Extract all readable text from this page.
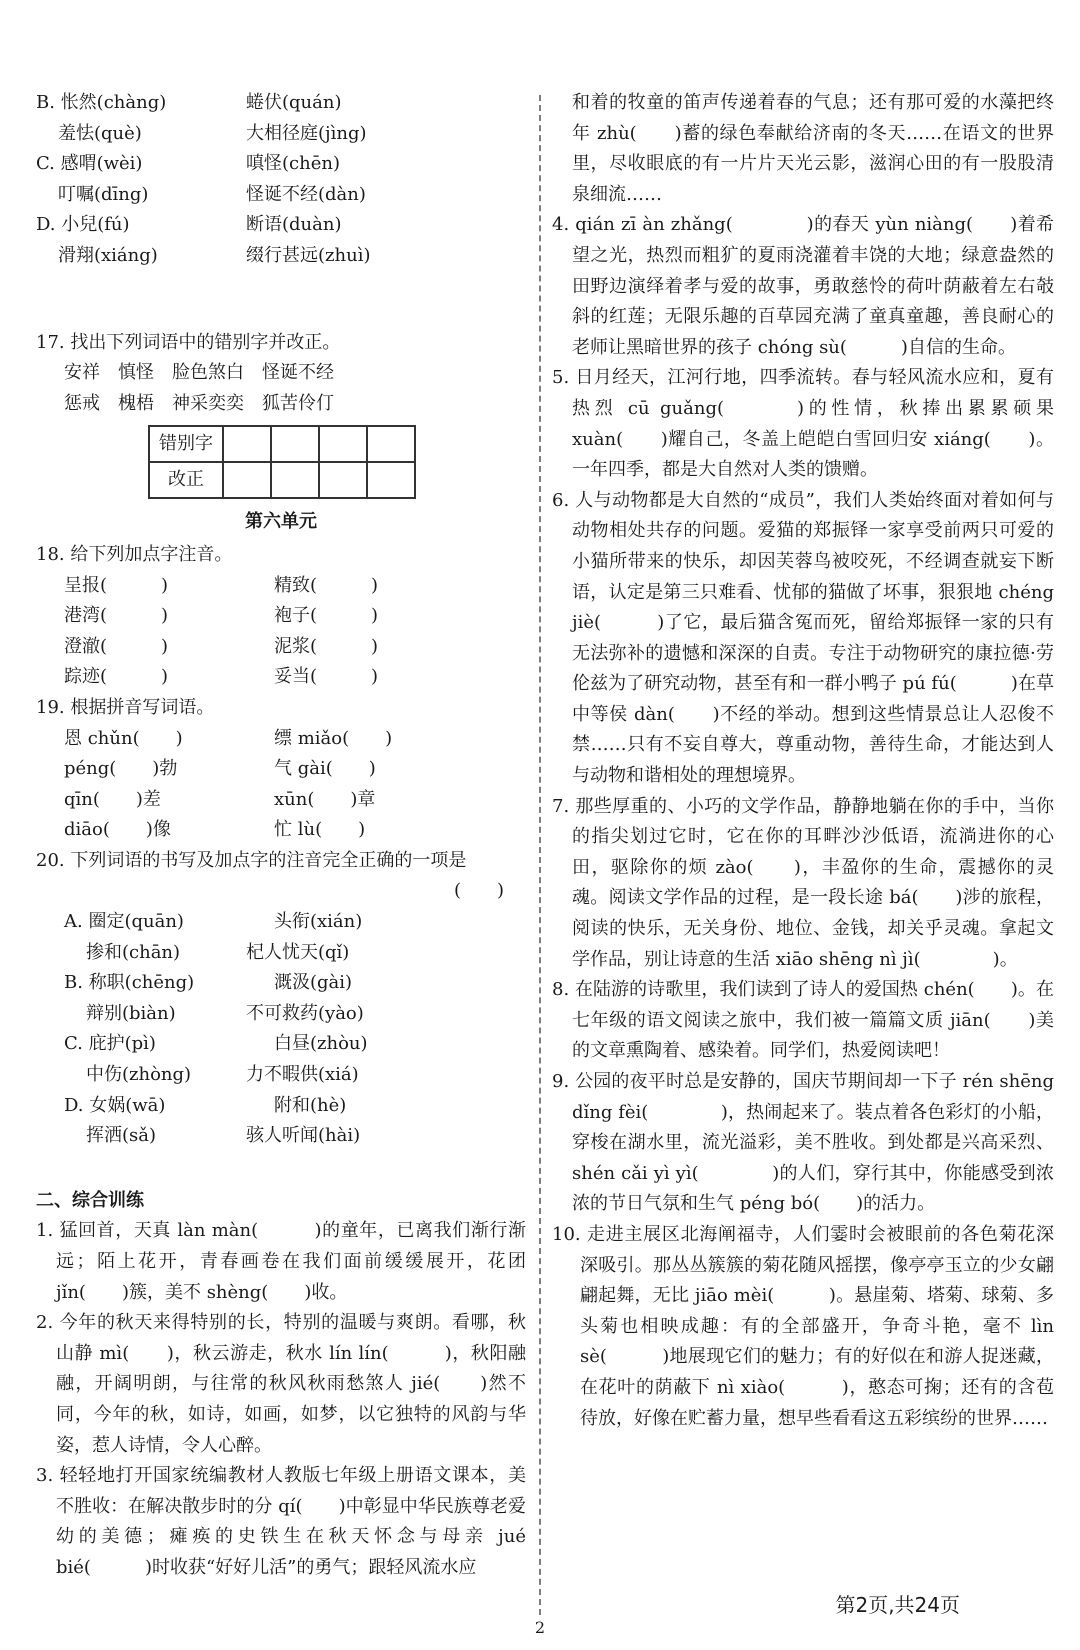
B. 怅然(chàng)	蜷伏(quán)
羞怯(què)	大相径庭(jìng)
C. 感喟(wèi)	嗔怪(chēn)
叮嘱(dīng)	怪诞不经(dàn)
D. 小兒(fú)	断语(duàn)
滑翔(xiáng)	缀行甚远(zhuì)
17. 找出下列词语中的错别字并改正。
安祥　慎怪　脸色煞白　怪诞不经
惩戒　槐梧　神采奕奕　狐苦伶仃
错别字				
改正				
第六单元
18. 给下列加点字注音。
呈报(　　　)	精致(　　　)
港湾(　　　)	袍子(　　　)
澄澈(　　　)	泥浆(　　　)
踪迹(　　　)	妥当(　　　)
19. 根据拼音写词语。
恩 chǔn(　　)	缥 miǎo(　　)
péng(　　)勃	气 gài(　　)
qīn(　　)差	xūn(　　)章
diāo(　　)像	忙 lù(　　)
20. 下列词语的书写及加点字的注音完全正确的一项是
(　　)
A. 圈定(quān)	头衔(xián)
掺和(chān)	杞人忧天(qǐ)
B. 称职(chēng)	溉汲(gài)
辩别(biàn)	不可救药(yào)
C. 庇护(pì)	白昼(zhòu)
中伤(zhòng)	力不暇供(xiá)
D. 女娲(wā)	附和(hè)
挥洒(sǎ)	骇人听闻(hài)
二、综合训练
1. 猛回首，天真 làn màn(　　　)的童年，已离我们渐行渐远；陌上花开，青春画卷在我们面前缓缓展开，花团 jǐn(　　)簇，美不 shèng(　　)收。
2. 今年的秋天来得特别的长，特别的温暖与爽朗。看哪，秋山静 mì(　　)，秋云游走，秋水 lín lín(　　　)，秋阳融融，开阔明朗，与往常的秋风秋雨愁煞人 jié(　　)然不同，今年的秋，如诗，如画，如梦，以它独特的风韵与华姿，惹人诗情，令人心醉。
3. 轻轻地打开国家统编教材人教版七年级上册语文课本，美不胜收：在解决散步时的分 qí(　　)中彰显中华民族尊老爱幼的美德；瘫痪的史铁生在秋天怀念与母亲 jué bié(　　　)时收获“好好儿活”的勇气；跟轻风流水应
和着的牧童的笛声传递着春的气息；还有那可爱的水藻把终年 zhù(　　)蓄的绿色奉献给济南的冬天……在语文的世界里，尽收眼底的有一片片天光云影，滋润心田的有一股股清泉细流……
4. qián zī àn zhǎng(　　　　)的春天 yùn niàng(　　)着希望之光，热烈而粗犷的夏雨浇灌着丰饶的大地；绿意盎然的田野边演绎着孝与爱的故事，勇敢慈怜的荷叶荫蔽着左右攲斜的红莲；无限乐趣的百草园充满了童真童趣，善良耐心的老师让黑暗世界的孩子 chóng sù(　　　)自信的生命。
5. 日月经天，江河行地，四季流转。春与轻风流水应和，夏有热烈 cū guǎng(　　　)的性情，秋捧出累累硕果 xuàn(　　)耀自己，冬盖上皑皑白雪回归安 xiáng(　　)。一年四季，都是大自然对人类的馈赠。
6. 人与动物都是大自然的“成员”，我们人类始终面对着如何与动物相处共存的问题。爱猫的郑振铎一家享受前两只可爱的小猫所带来的快乐，却因芙蓉鸟被咬死，不经调查就妄下断语，认定是第三只难看、忧郁的猫做了坏事，狠狠地 chéng jiè(　　　)了它，最后猫含冤而死，留给郑振铎一家的只有无法弥补的遗憾和深深的自责。专注于动物研究的康拉德·劳伦兹为了研究动物，甚至有和一群小鸭子 pú fú(　　　)在草中等侯 dàn(　　)不经的举动。想到这些情景总让人忍俊不禁……只有不妄自尊大，尊重动物，善待生命，才能达到人与动物和谐相处的理想境界。
7. 那些厚重的、小巧的文学作品，静静地躺在你的手中，当你的指尖划过它时，它在你的耳畔沙沙低语，流淌进你的心田，驱除你的烦 zào(　　)，丰盈你的生命，震撼你的灵魂。阅读文学作品的过程，是一段长途 bá(　　)涉的旅程，阅读的快乐，无关身份、地位、金钱，却关乎灵魂。拿起文学作品，别让诗意的生活 xiāo shēng nì jì(　　　　)。
8. 在陆游的诗歌里，我们读到了诗人的爱国热 chén(　　)。在七年级的语文阅读之旅中，我们被一篇篇文质 jiān(　　)美的文章熏陶着、感染着。同学们，热爱阅读吧！
9. 公园的夜平时总是安静的，国庆节期间却一下子 rén shēng dǐng fèi(　　　　)，热闹起来了。装点着各色彩灯的小船，穿梭在湖水里，流光溢彩，美不胜收。到处都是兴高采烈、shén cǎi yì yì(　　　　)的人们，穿行其中，你能感受到浓浓的节日气氛和生气 péng bó(　　)的活力。
10. 走进主展区北海阐福寺，人们霎时会被眼前的各色菊花深深吸引。那丛丛簇簇的菊花随风摇摆，像亭亭玉立的少女翩翩起舞，无比 jiāo mèi(　　　)。悬崖菊、塔菊、球菊、多头菊也相映成趣：有的全部盛开，争奇斗艳，毫不 lìn sè(　　　)地展现它们的魅力；有的好似在和游人捉迷藏，在花叶的荫蔽下 nì xiào(　　　)，憨态可掬；还有的含苞待放，好像在贮蓄力量，想早些看看这五彩缤纷的世界……
第2页,共24页
2
